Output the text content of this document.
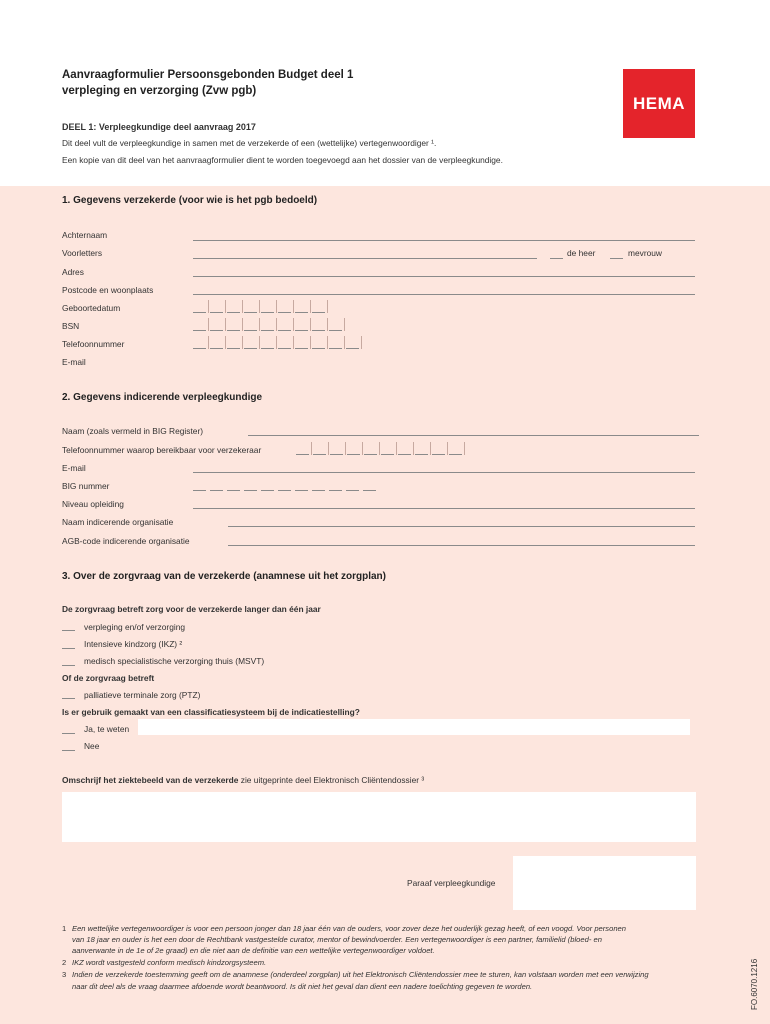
Aanvraagformulier Persoonsgebonden Budget deel 1
verpleging en verzorging (Zvw pgb)
HEMA
DEEL 1: Verpleegkundige deel aanvraag 2017
Dit deel vult de verpleegkundige in samen met de verzekerde of een (wettelijke) vertegenwoordiger ¹.
Een kopie van dit deel van het aanvraagformulier dient te worden toegevoegd aan het dossier van de verpleegkundige.
1. Gegevens verzekerde (voor wie is het pgb bedoeld)
Achternaam
Voorletters	de heer	mevrouw
Adres
Postcode en woonplaats
Geboortedatum
BSN
Telefoonnummer
E-mail
2. Gegevens indicerende verpleegkundige
Naam (zoals vermeld in BIG Register)
Telefoonnummer waarop bereikbaar voor verzekeraar
E-mail
BIG nummer
Niveau opleiding
Naam indicerende organisatie
AGB-code indicerende organisatie
3. Over de zorgvraag van de verzekerde (anamnese uit het zorgplan)
De zorgvraag betreft zorg voor de verzekerde langer dan één jaar
verpleging en/of verzorging
Intensieve kindzorg (IKZ) ²
medisch specialistische verzorging thuis (MSVT)
Of de zorgvraag betreft
palliatieve terminale zorg (PTZ)
Is er gebruik gemaakt van een classificatiesysteem bij de indicatiestelling?
Ja, te weten
Nee
Omschrijf het ziektebeeld van de verzekerde zie uitgeprinte deel Elektronisch Cliëntendossier ³
Paraaf verpleegkundige
1 Een wettelijke vertegenwoordiger is voor een persoon jonger dan 18 jaar één van de ouders, voor zover deze het ouderlijk gezag heeft, of een voogd. Voor personen
van 18 jaar en ouder is het een door de Rechtbank vastgestelde curator, mentor of bewindvoerder. Een vertegenwoordiger is een partner, familielid (bloed- en
aanverwante in de 1e of 2e graad) en die niet aan de definitie van een wettelijke vertegenwoordiger voldoet.
2 IKZ wordt vastgesteld conform medisch kindzorgsysteem.
3 Indien de verzekerde toestemming geeft om de anamnese (onderdeel zorgplan) uit het Elektronisch Cliëntendossier mee te sturen, kan volstaan worden met een verwijzing
naar dit deel als de vraag daarmee afdoende wordt beantwoord. Is dit niet het geval dan dient een nadere toelichting gegeven te worden.	FO.6070.1216
